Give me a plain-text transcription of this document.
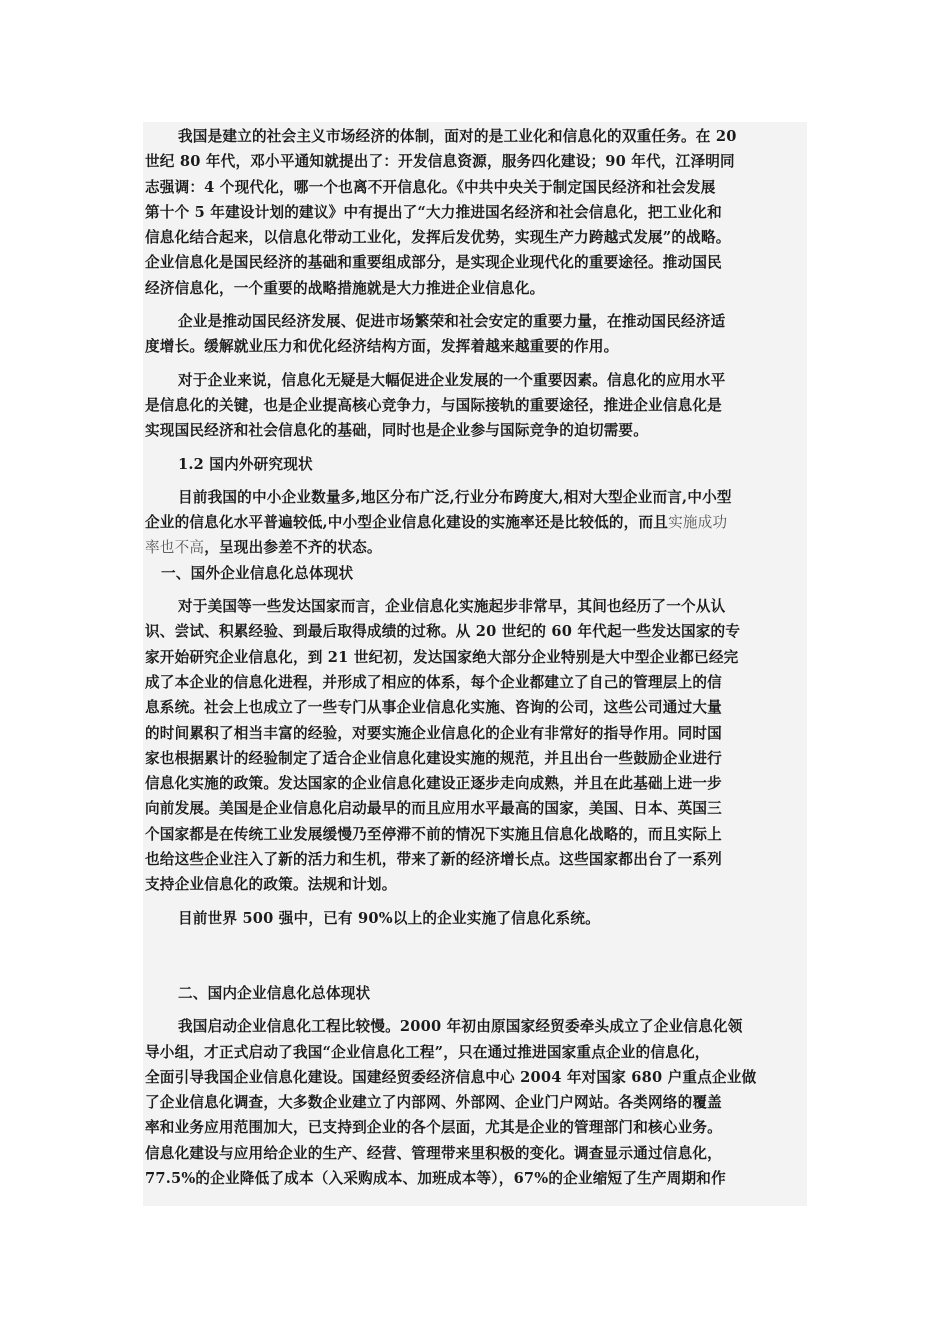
我国是建立的社会主义市场经济的体制，面对的是工业化和信息化的双重任务。在 20
世纪 80 年代，邓小平通知就提出了：开发信息资源，服务四化建设；90 年代，江泽明同
志强调：4 个现代化，哪一个也离不开信息化。《中共中央关于制定国民经济和社会发展
第十个 5 年建设计划的建议》中有提出了“大力推进国名经济和社会信息化，把工业化和
信息化结合起来，以信息化带动工业化，发挥后发优势，实现生产力跨越式发展”的战略。
企业信息化是国民经济的基础和重要组成部分，是实现企业现代化的重要途径。推动国民
经济信息化，一个重要的战略措施就是大力推进企业信息化。
企业是推动国民经济发展、促进市场繁荣和社会安定的重要力量，在推动国民经济适
度增长。缓解就业压力和优化经济结构方面，发挥着越来越重要的作用。
对于企业来说，信息化无疑是大幅促进企业发展的一个重要因素。信息化的应用水平
是信息化的关键，也是企业提高核心竞争力，与国际接轨的重要途径，推进企业信息化是
实现国民经济和社会信息化的基础，同时也是企业参与国际竞争的迫切需要。
1.2 国内外研究现状
目前我国的中小企业数量多,地区分布广泛,行业分布跨度大,相对大型企业而言,中小型
企业的信息化水平普遍较低,中小型企业信息化建设的实施率还是比较低的，而且实施成功
率也不高，呈现出参差不齐的状态。
一、国外企业信息化总体现状
对于美国等一些发达国家而言，企业信息化实施起步非常早，其间也经历了一个从认
识、尝试、积累经验、到最后取得成绩的过称。从 20 世纪的 60 年代起一些发达国家的专
家开始研究企业信息化，到 21 世纪初，发达国家绝大部分企业特别是大中型企业都已经完
成了本企业的信息化进程，并形成了相应的体系，每个企业都建立了自己的管理层上的信
息系统。社会上也成立了一些专门从事企业信息化实施、咨询的公司，这些公司通过大量
的时间累积了相当丰富的经验，对要实施企业信息化的企业有非常好的指导作用。同时国
家也根据累计的经验制定了适合企业信息化建设实施的规范，并且出台一些鼓励企业进行
信息化实施的政策。发达国家的企业信息化建设正逐步走向成熟，并且在此基础上进一步
向前发展。美国是企业信息化启动最早的而且应用水平最高的国家，美国、日本、英国三
个国家都是在传统工业发展缓慢乃至停滞不前的情况下实施且信息化战略的，而且实际上
也给这些企业注入了新的活力和生机，带来了新的经济增长点。这些国家都出台了一系列
支持企业信息化的政策。法规和计划。
目前世界 500 强中，已有 90%以上的企业实施了信息化系统。
二、国内企业信息化总体现状
我国启动企业信息化工程比较慢。2000 年初由原国家经贸委牵头成立了企业信息化领
导小组，才正式启动了我国“企业信息化工程”，只在通过推进国家重点企业的信息化，
全面引导我国企业信息化建设。国建经贸委经济信息中心 2004 年对国家 680 户重点企业做
了企业信息化调查，大多数企业建立了内部网、外部网、企业门户网站。各类网络的覆盖
率和业务应用范围加大，已支持到企业的各个层面，尤其是企业的管理部门和核心业务。
信息化建设与应用给企业的生产、经营、管理带来里积极的变化。调查显示通过信息化，
77.5%的企业降低了成本（入采购成本、加班成本等），67%的企业缩短了生产周期和作
